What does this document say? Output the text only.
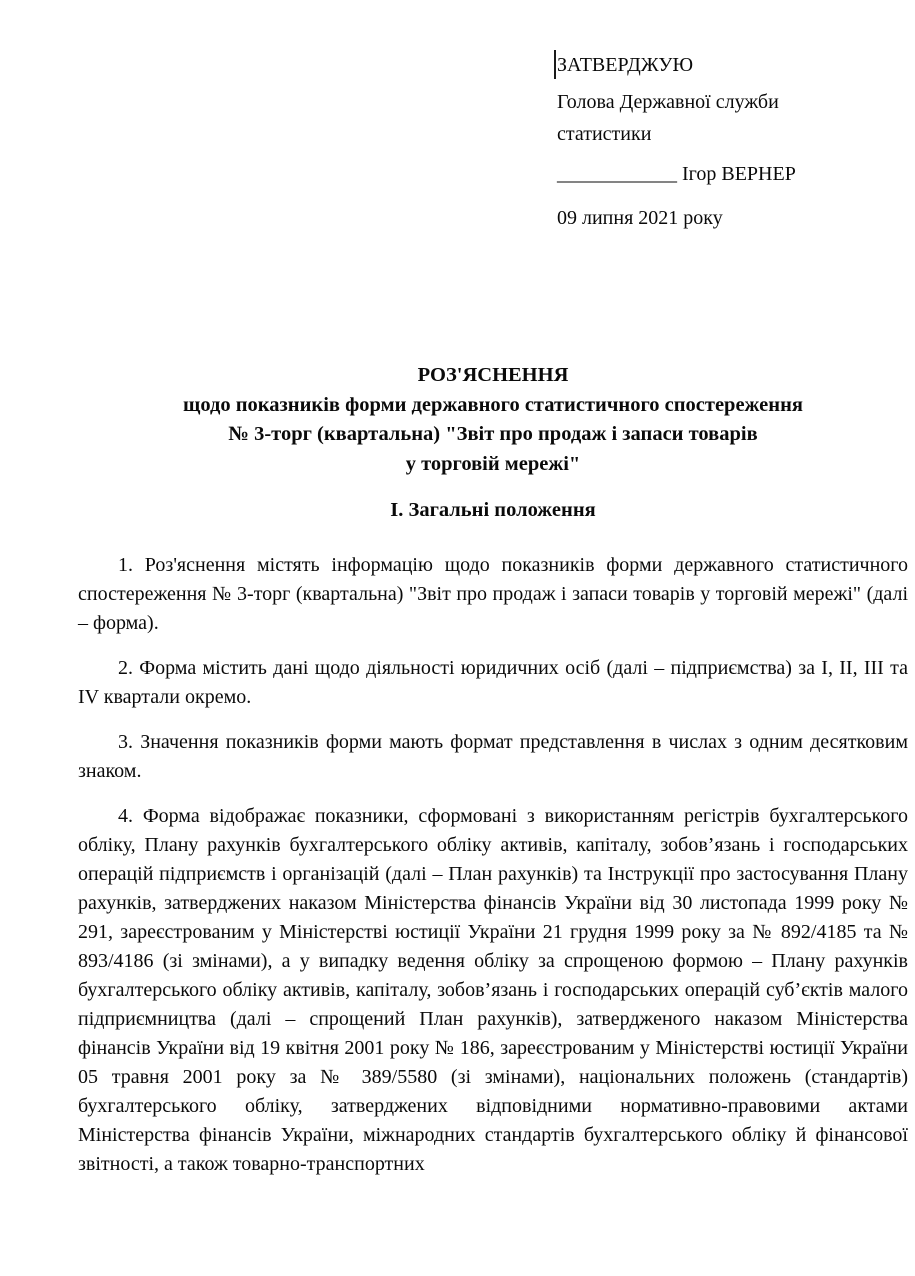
ЗАТВЕРДЖУЮ
Голова Державної служби
статистики
____________ Ігор ВЕРНЕР
09 липня 2021 року
РОЗ'ЯСНЕННЯ
щодо показників форми державного статистичного спостереження
№ 3-торг (квартальна) "Звіт про продаж і запаси товарів
у торговій мережі"
І. Загальні положення

1. Роз'яснення містять інформацію щодо показників форми державного статистичного спостереження № 3-торг (квартальна) "Звіт про продаж і запаси товарів у торговій мережі" (далі – форма).

2. Форма містить дані щодо діяльності юридичних осіб (далі – підприємства) за I, II, III та IV квартали окремо.

3. Значення показників форми мають формат представлення в числах з одним десятковим знаком.

4. Форма відображає показники, сформовані з використанням регістрів бухгалтерського обліку, Плану рахунків бухгалтерського обліку активів, капіталу, зобов’язань і господарських операцій підприємств і організацій (далі – План рахунків) та Інструкції про застосування Плану рахунків, затверджених наказом Міністерства фінансів України від 30 листопада 1999 року № 291, зареєстрованим у Міністерстві юстиції України 21 грудня 1999 року за № 892/4185 та № 893/4186 (зі змінами), а у випадку ведення обліку за спрощеною формою – Плану рахунків бухгалтерського обліку активів, капіталу, зобов’язань і господарських операцій суб’єктів малого підприємництва (далі – спрощений План рахунків), затвердженого наказом Міністерства фінансів України від 19 квітня 2001 року № 186, зареєстрованим у Міністерстві юстиції України 05 травня 2001 року за № 389/5580 (зі змінами), національних положень (стандартів) бухгалтерського обліку, затверджених відповідними нормативно-правовими актами Міністерства фінансів України, міжнародних стандартів бухгалтерського обліку й фінансової звітності, а також товарно-транспортних
